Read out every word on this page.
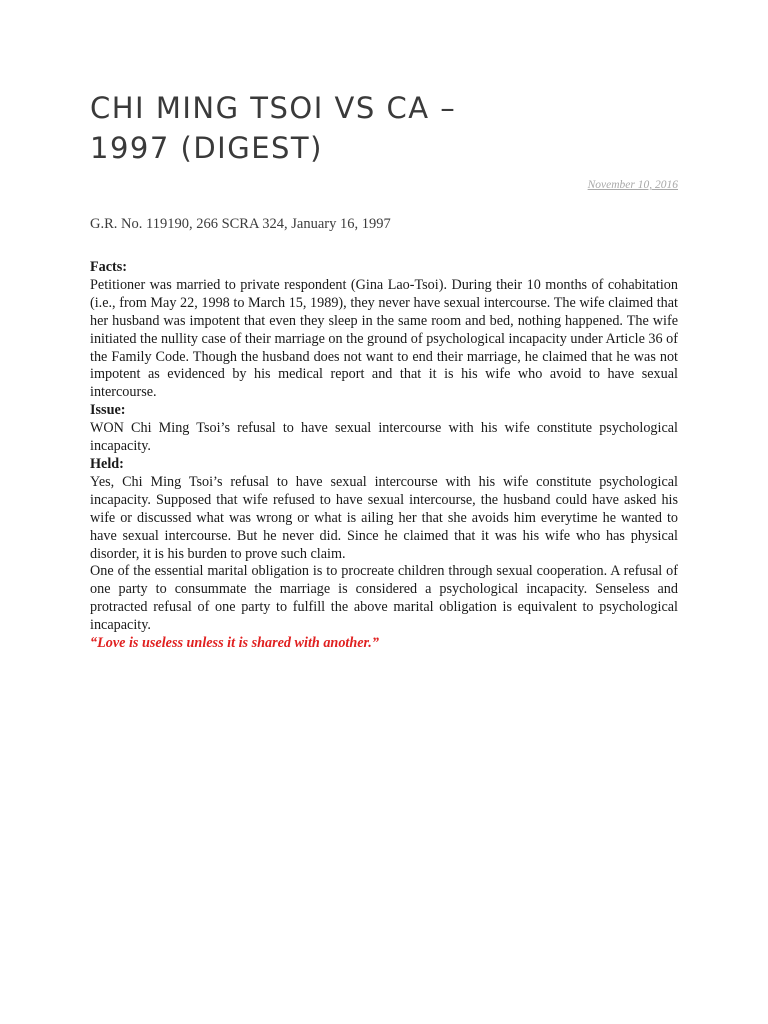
CHI MING TSOI VS CA –
1997 (DIGEST)
November 10, 2016

G.R. No. 119190, 266 SCRA 324, January 16, 1997

Facts:

Petitioner was married to private respondent (Gina Lao-Tsoi). During their 10 months of cohabitation (i.e., from May 22, 1998 to March 15, 1989), they never have sexual intercourse. The wife claimed that her husband was impotent that even they sleep in the same room and bed, nothing happened. The wife initiated the nullity case of their marriage on the ground of psychological incapacity under Article 36 of the Family Code. Though the husband does not want to end their marriage, he claimed that he was not impotent as evidenced by his medical report and that it is his wife who avoid to have sexual intercourse.

Issue:

WON Chi Ming Tsoi’s refusal to have sexual intercourse with his wife constitute psychological incapacity.

Held:

Yes, Chi Ming Tsoi’s refusal to have sexual intercourse with his wife constitute psychological incapacity. Supposed that wife refused to have sexual intercourse, the husband could have asked his wife or discussed what was wrong or what is ailing her that she avoids him everytime he wanted to have sexual intercourse. But he never did. Since he claimed that it was his wife who has physical disorder, it is his burden to prove such claim.

One of the essential marital obligation is to procreate children through sexual cooperation. A refusal of one party to consummate the marriage is considered a psychological incapacity. Senseless and protracted refusal of one party to fulfill the above marital obligation is equivalent to psychological incapacity.

“Love is useless unless it is shared with another.”
